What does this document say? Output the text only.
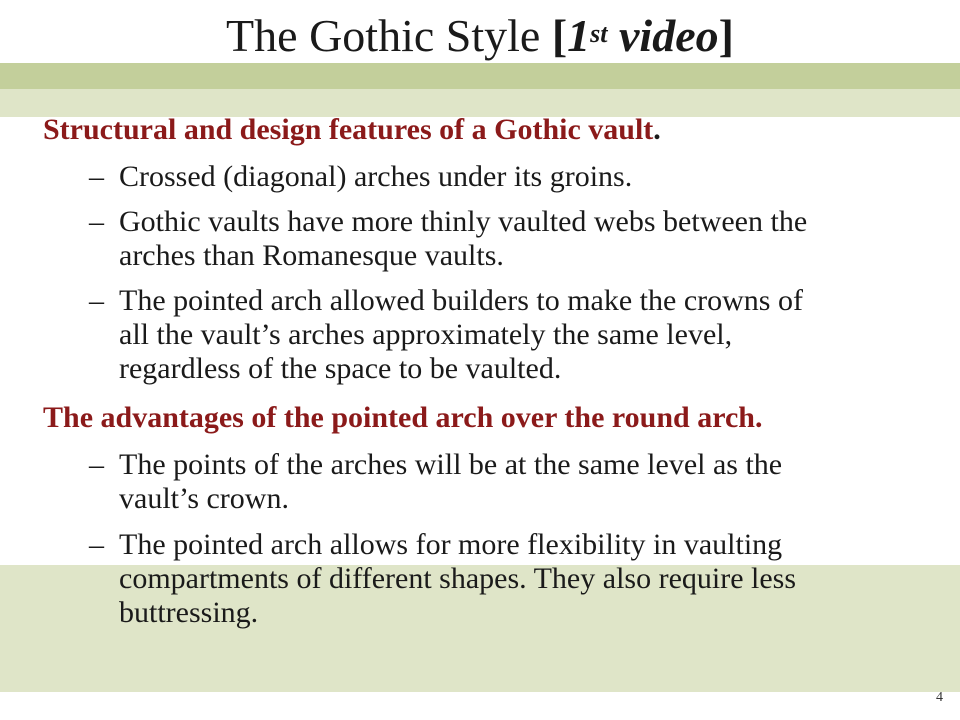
The Gothic Style [1st video]

Structural and design features of a Gothic vault.

– Crossed (diagonal) arches under its groins.

– Gothic vaults have more thinly vaulted webs between the
arches than Romanesque vaults.

– The pointed arch allowed builders to make the crowns of
all the vault’s arches approximately the same level,
regardless of the space to be vaulted.

The advantages of the pointed arch over the round arch.

– The points of the arches will be at the same level as the
vault’s crown.

– The pointed arch allows for more flexibility in vaulting
compartments of different shapes. They also require less
buttressing.

4
